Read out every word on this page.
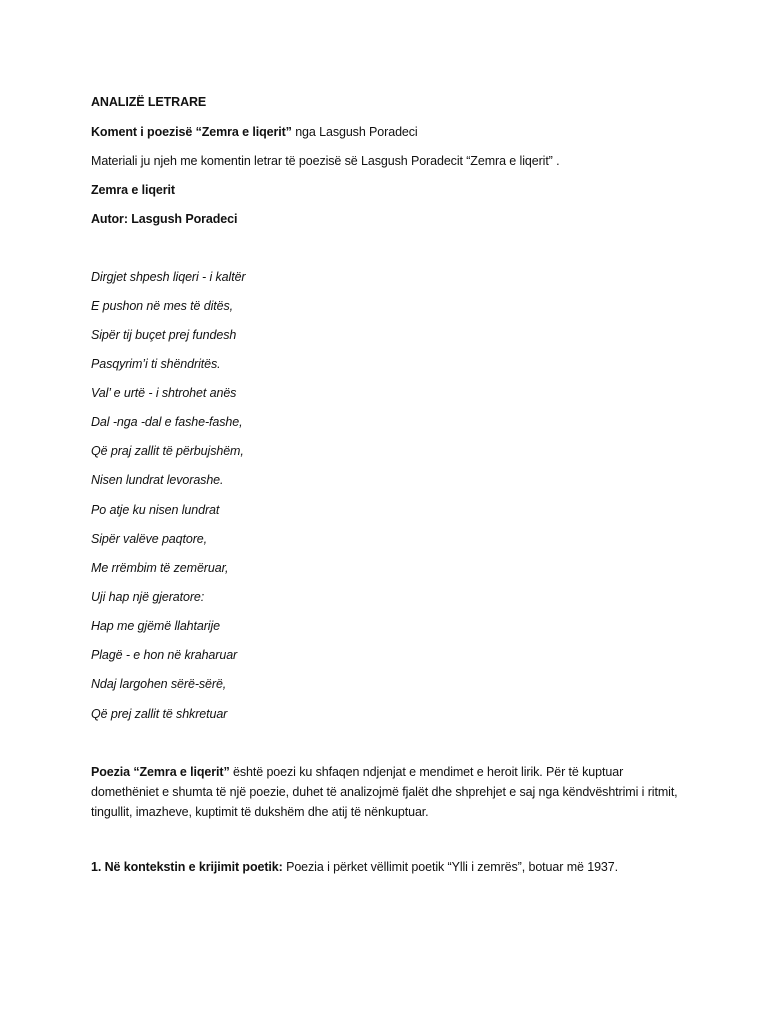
ANALIZË LETRARE
Koment i poezisë “Zemra e liqerit” nga Lasgush Poradeci
Materiali ju njeh me komentin letrar të poezisë së Lasgush Poradecit “Zemra e liqerit” .
Zemra e liqerit
Autor: Lasgush Poradeci
Dirgjet shpesh liqeri - i kaltër
E pushon në mes të ditës,
Sipër tij buçet prej fundesh
Pasqyrim’i ti shëndritës.
Val’ e urtë - i shtrohet anës
Dal -nga -dal e fashe-fashe,
Që praj zallit të përbujshëm,
Nisen lundrat levorashe.
Po atje ku nisen lundrat
Sipër valëve paqtore,
Me rrëmbim të zemëruar,
Uji hap një gjeratore:
Hap me gjëmë llahtarije
Plagë - e hon në kraharuar
Ndaj largohen sërë-sërë,
Që prej zallit të shkretuar
Poezia “Zemra e liqerit” është poezi ku shfaqen ndjenjat e mendimet e heroit lirik. Për të kuptuar domethëniet e shumta të një poezie, duhet të analizojmë fjalët dhe shprehjet e saj nga këndvështrimi i ritmit, tingullit, imazheve, kuptimit të dukshëm dhe atij të nënkuptuar.
1. Në kontekstin e krijimit poetik: Poezia i përket vëllimit poetik “Ylli i zemrës”, botuar më 1937.
